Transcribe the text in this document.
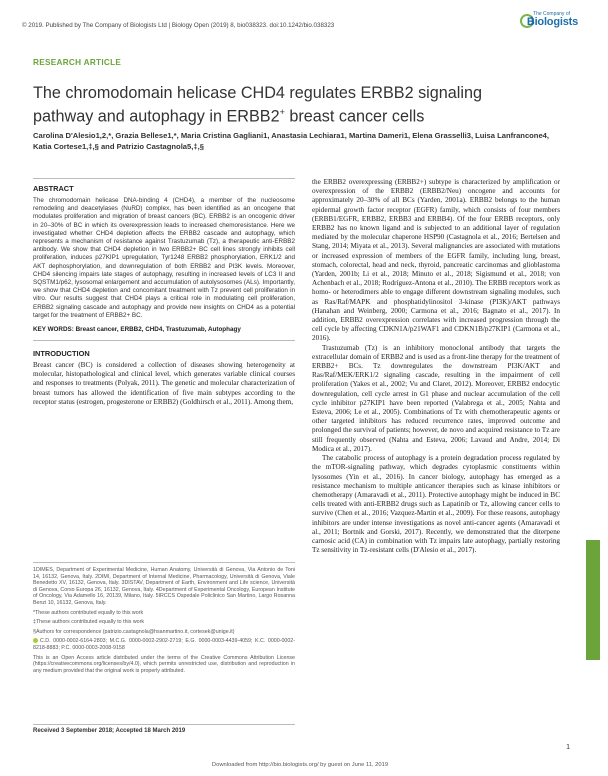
© 2019. Published by The Company of Biologists Ltd | Biology Open (2019) 8, bio038323. doi:10.1242/bio.038323
The Company of
Biologists
RESEARCH ARTICLE
The chromodomain helicase CHD4 regulates ERBB2 signaling pathway and autophagy in ERBB2+ breast cancer cells
Carolina D'Alesio1,2,*, Grazia Bellese1,*, Maria Cristina Gagliani1, Anastasia Lechiara1, Martina Dameri1, Elena Grasselli3, Luisa Lanfrancone4, Katia Cortese1,‡,§ and Patrizio Castagnola5,‡,§
ABSTRACT
The chromodomain helicase DNA-binding 4 (CHD4), a member of the nucleosome remodeling and deacetylases (NuRD) complex, has been identified as an oncogene that modulates proliferation and migration of breast cancers (BC). ERBB2 is an oncogenic driver in 20–30% of BC in which its overexpression leads to increased chemoresistance. Here we investigated whether CHD4 depletion affects the ERBB2 cascade and autophagy, which represents a mechanism of resistance against Trastuzumab (Tz), a therapeutic anti-ERBB2 antibody. We show that CHD4 depletion in two ERBB2+ BC cell lines strongly inhibits cell proliferation, induces p27KIP1 upregulation, Tyr1248 ERBB2 phosphorylation, ERK1/2 and AKT dephosphorylation, and downregulation of both ERBB2 and PI3K levels. Moreover, CHD4 silencing impairs late stages of autophagy, resulting in increased levels of LC3 II and SQSTM1/p62, lysosomal enlargement and accumulation of autolysosomes (ALs). Importantly, we show that CHD4 depletion and concomitant treatment with Tz prevent cell proliferation in vitro. Our results suggest that CHD4 plays a critical role in modulating cell proliferation, ERBB2 signaling cascade and autophagy and provide new insights on CHD4 as a potential target for the treatment of ERBB2+ BC.
KEY WORDS: Breast cancer, ERBB2, CHD4, Trastuzumab, Autophagy
INTRODUCTION
Breast cancer (BC) is considered a collection of diseases showing heterogeneity at molecular, histopathological and clinical level, which generates variable clinical courses and responses to treatments (Polyak, 2011). The genetic and molecular characterization of breast tumors has allowed the identification of five main subtypes according to the receptor status (estrogen, progesterone or ERBB2) (Goldhirsch et al., 2011). Among them,
1DIMES, Department of Experimental Medicine, Human Anatomy, Università di Genova, Via Antonio de Toni 14, 16132, Genova, Italy. 2DIMI, Department of Internal Medicine, Pharmacology, Università di Genova, Viale Benedetto XV, 16132, Genova, Italy. 3DISTAV, Department of Earth, Environment and Life science, Università di Genova, Corso Europa 26, 16132, Genova, Italy. 4Department of Experimental Oncology, European Institute of Oncology, Via Adamello 16, 20139, Milano, Italy. 5IRCCS Ospedale Policlinico San Martino, Largo Rosanna Benzi 10, 16132, Genova, Italy.
*These authors contributed equally to this work
‡These authors contributed equally to this work
§Authors for correspondence (patrizio.castagnola@hsanmartino.it, cortesek@unige.it)
C.D. 0000-0002-6164-2803; M.C.G. 0000-0002-2902-2719; E.G. 0000-0003-4439-4059; K.C. 0000-0002-8218-8883; P.C. 0000-0003-2008-9158
This is an Open Access article distributed under the terms of the Creative Commons Attribution License (https://creativecommons.org/licenses/by/4.0), which permits unrestricted use, distribution and reproduction in any medium provided that the original work is properly attributed.
Received 3 September 2018; Accepted 18 March 2019

the ERBB2 overexpressing (ERBB2+) subtype is characterized by amplification or overexpression of the ERBB2 (ERBB2/Neu) oncogene and accounts for approximately 20–30% of all BCs (Yarden, 2001a). ERBB2 belongs to the human epidermal growth factor receptor (EGFR) family, which consists of four members (ERBB1/EGFR, ERBB2, ERBB3 and ERBB4). Of the four ERBB receptors, only ERBB2 has no known ligand and is subjected to an additional layer of regulation mediated by the molecular chaperone HSP90 (Castagnola et al., 2016; Bertelsen and Stang, 2014; Miyata et al., 2013). Several malignancies are associated with mutations or increased expression of members of the EGFR family, including lung, breast, stomach, colorectal, head and neck, thyroid, pancreatic carcinomas and glioblastoma (Yarden, 2001b; Li et al., 2018; Minuto et al., 2018; Sigismund et al., 2018; von Achenbach et al., 2018; Rodríguez-Antona et al., 2010). The ERBB receptors work as homo- or heterodimers able to engage different downstream signaling modules, such as Ras/Raf/MAPK and phosphatidylinositol 3-kinase (PI3K)/AKT pathways (Hanahan and Weinberg, 2000; Carmona et al., 2016; Bagnato et al., 2017). In addition, ERBB2 overexpression correlates with increased progression through the cell cycle by affecting CDKN1A/p21WAF1 and CDKN1B/p27KIP1 (Carmona et al., 2016).

Trastuzumab (Tz) is an inhibitory monoclonal antibody that targets the extracellular domain of ERBB2 and is used as a front-line therapy for the treatment of ERBB2+ BCs. Tz downregulates the downstream PI3K/AKT and Ras/Raf/MEK/ERK1/2 signaling cascade, resulting in the impairment of cell proliferation (Yakes et al., 2002; Vu and Claret, 2012). Moreover, ERBB2 endocytic downregulation, cell cycle arrest in G1 phase and nuclear accumulation of the cell cycle inhibitor p27KIP1 have been reported (Valabrega et al., 2005; Nahta and Esteva, 2006; Le et al., 2005). Combinations of Tz with chemotherapeutic agents or other targeted inhibitors has reduced recurrence rates, improved outcome and prolonged the survival of patients; however, de novo and acquired resistance to Tz are still frequently observed (Nahta and Esteva, 2006; Lavaud and Andre, 2014; Di Modica et al., 2017).

The catabolic process of autophagy is a protein degradation process regulated by the mTOR-signaling pathway, which degrades cytoplasmic constituents within lysosomes (Yin et al., 2016). In cancer biology, autophagy has emerged as a resistance mechanism to multiple anticancer therapies such as kinase inhibitors or chemotherapy (Amaravadi et al., 2011). Protective autophagy might be induced in BC cells treated with anti-ERBB2 drugs such as Lapatinib or Tz, allowing cancer cells to survive (Chen et al., 2016; Vazquez-Martin et al., 2009). For these reasons, autophagy inhibitors are under intense investigations as novel anti-cancer agents (Amaravadi et al., 2011; Bortnik and Gorski, 2017). Recently, we demonstrated that the diterpene carnosic acid (CA) in combination with Tz impairs late autophagy, partially restoring Tz sensitivity in Tz-resistant cells (D'Alesio et al., 2017).

Biology Open
1
Downloaded from http://bio.biologists.org/ by guest on June 11, 2019
